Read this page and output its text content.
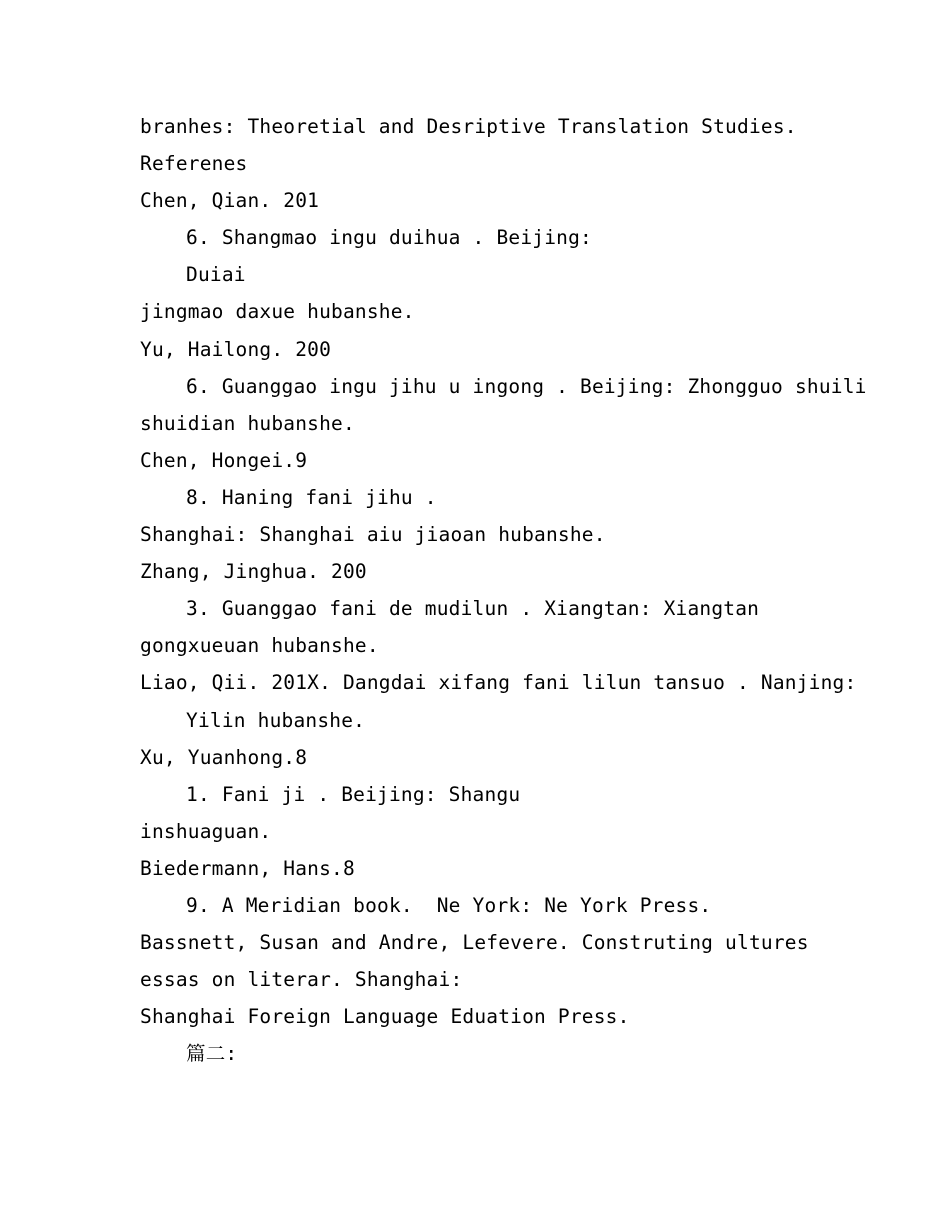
branhes: Theoretial and Desriptive Translation Studies.
Referenes
Chen, Qian. 201
6. Shangmao ingu duihua . Beijing:
Duiai
jingmao daxue hubanshe.
Yu, Hailong. 200
6. Guanggao ingu jihu u ingong . Beijing: Zhongguo shuili
shuidian hubanshe.
Chen, Hongei.9
8. Haning fani jihu .
Shanghai: Shanghai aiu jiaoan hubanshe.
Zhang, Jinghua. 200
3. Guanggao fani de mudilun . Xiangtan: Xiangtan
gongxueuan hubanshe.
Liao, Qii. 201X. Dangdai xifang fani lilun tansuo . Nanjing:
Yilin hubanshe.
Xu, Yuanhong.8
1. Fani ji . Beijing: Shangu
inshuaguan.
Biedermann, Hans.8
9. A Meridian book.  Ne York: Ne York Press.
Bassnett, Susan and Andre, Lefevere. Construting ultures
essas on literar. Shanghai:
Shanghai Foreign Language Eduation Press.
篇二:
